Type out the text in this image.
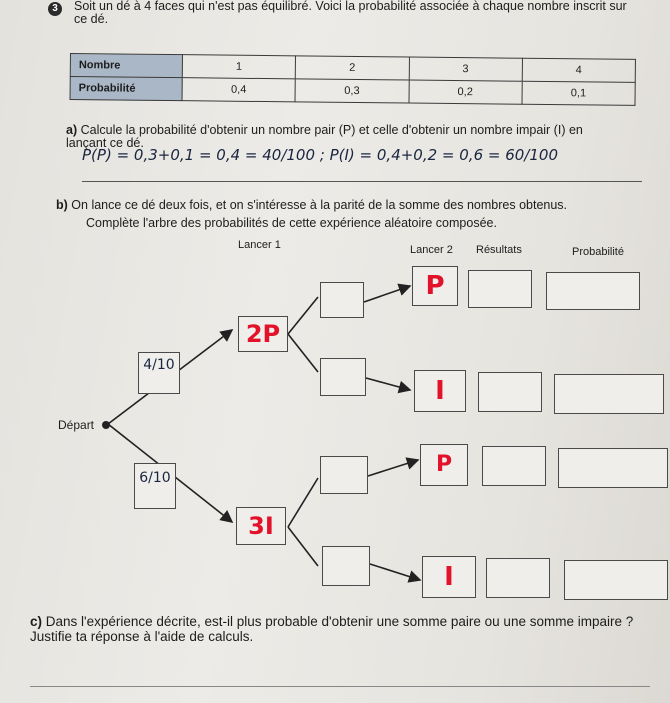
3	Soit un dé à 4 faces qui n'est pas équilibré. Voici la probabilité associée à chaque nombre inscrit sur ce dé.
Nombre	1	2	3	4
Probabilité	0,4	0,3	0,2	0,1
a) Calcule la probabilité d'obtenir un nombre pair (P) et celle d'obtenir un nombre impair (I) en lançant ce dé.
P(P) = 0,3+0,1 = 0,4 = 40/100 ; P(I) = 0,4+0,2 = 0,6 = 60/100
b) On lance ce dé deux fois, et on s'intéresse à la parité de la somme des nombres obtenus.
Complète l'arbre des probabilités de cette expérience aléatoire composée.
Lancer 1	Lancer 2 Résultats	Probabilité
Départ
4/10
6/10
2P
3I
P
I
P
I
c) Dans l'expérience décrite, est-il plus probable d'obtenir une somme paire ou une somme impaire ? Justifie ta réponse à l'aide de calculs.
